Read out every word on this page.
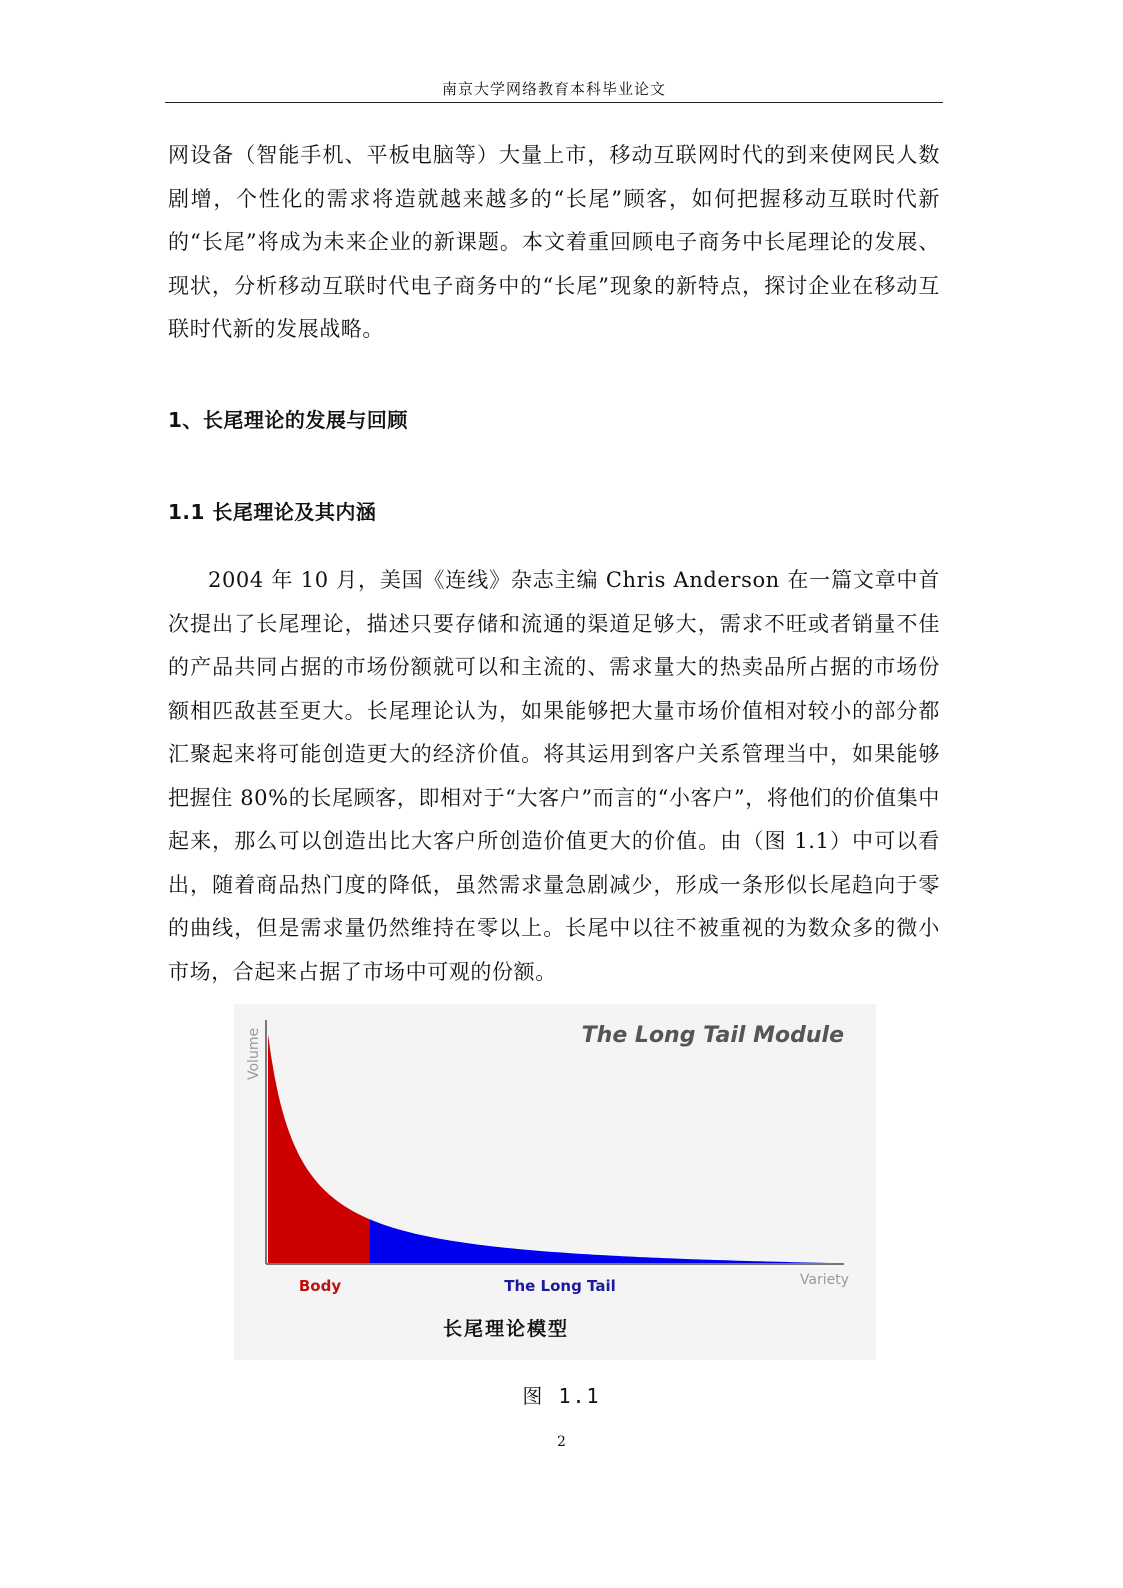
南京大学网络教育本科毕业论文

网设备（智能手机、平板电脑等）大量上市，移动互联网时代的到来使网民人数剧增，个性化的需求将造就越来越多的“长尾”顾客，如何把握移动互联时代新的“长尾”将成为未来企业的新课题。本文着重回顾电子商务中长尾理论的发展、现状，分析移动互联时代电子商务中的“长尾”现象的新特点，探讨企业在移动互联时代新的发展战略。

1、长尾理论的发展与回顾
1.1 长尾理论及其内涵

2004 年 10 月，美国《连线》杂志主编 Chris Anderson 在一篇文章中首次提出了长尾理论，描述只要存储和流通的渠道足够大，需求不旺或者销量不佳的产品共同占据的市场份额就可以和主流的、需求量大的热卖品所占据的市场份额相匹敌甚至更大。长尾理论认为，如果能够把大量市场价值相对较小的部分都汇聚起来将可能创造更大的经济价值。将其运用到客户关系管理当中，如果能够把握住 80%的长尾顾客，即相对于“大客户”而言的“小客户”，将他们的价值集中起来，那么可以创造出比大客户所创造价值更大的价值。由（图 1.1）中可以看出，随着商品热门度的降低，虽然需求量急剧减少，形成一条形似长尾趋向于零的曲线，但是需求量仍然维持在零以上。长尾中以往不被重视的为数众多的微小市场，合起来占据了市场中可观的份额。

The Long Tail Module
Volume
Variety
Body	The Long Tail
长尾理论模型
图 1.1
2
